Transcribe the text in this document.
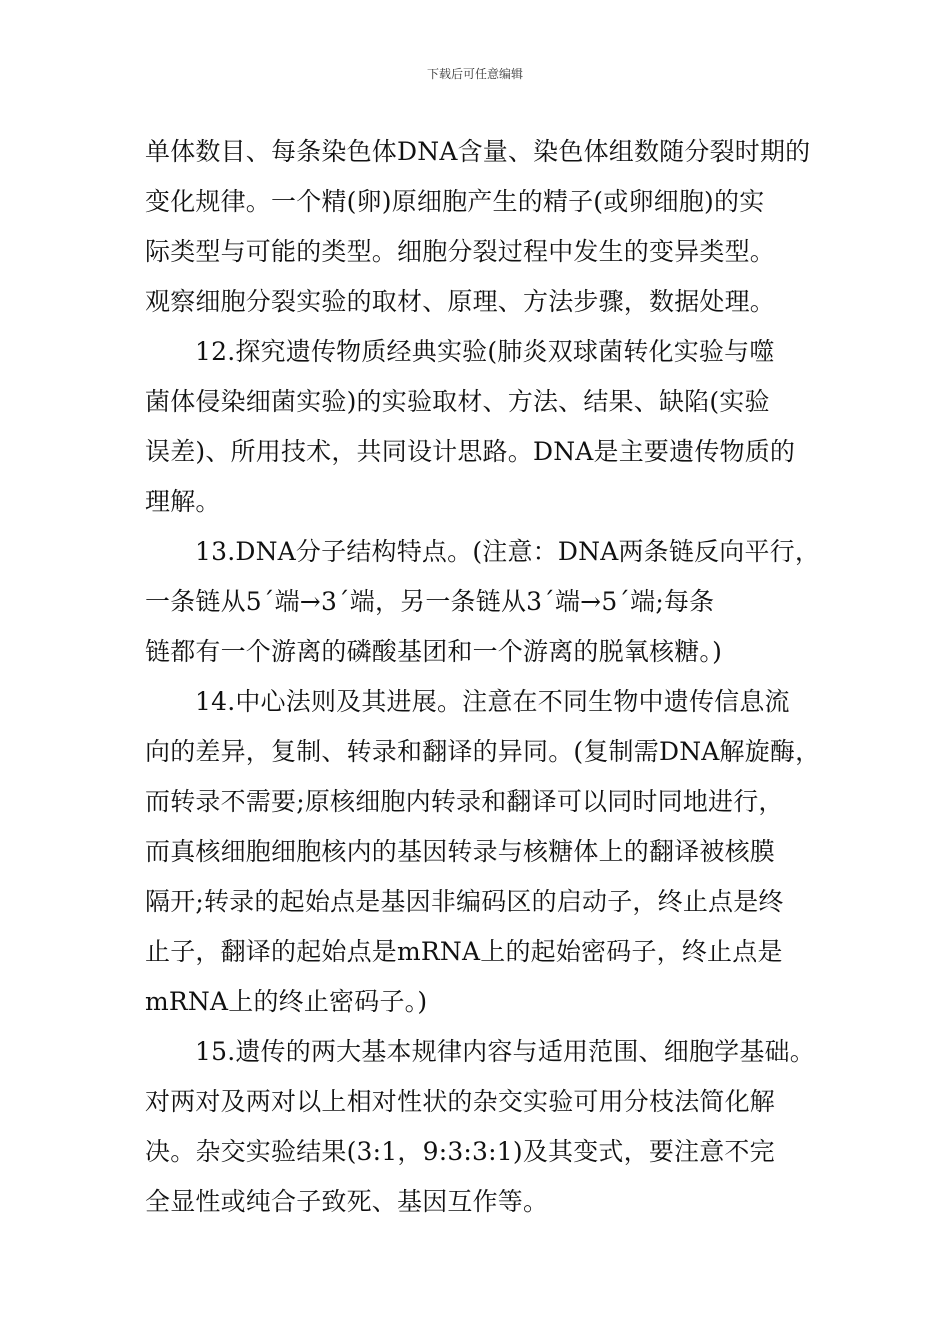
下载后可任意编辑
单体数目、每条染色体DNA含量、染色体组数随分裂时期的
变化规律。一个精(卵)原细胞产生的精子(或卵细胞)的实
际类型与可能的类型。细胞分裂过程中发生的变异类型。
观察细胞分裂实验的取材、原理、方法步骤，数据处理。
12.探究遗传物质经典实验(肺炎双球菌转化实验与噬
菌体侵染细菌实验)的实验取材、方法、结果、缺陷(实验
误差)、所用技术，共同设计思路。DNA是主要遗传物质的
理解。
13.DNA分子结构特点。(注意：DNA两条链反向平行，
一条链从5ˊ端→3ˊ端，另一条链从3ˊ端→5ˊ端;每条
链都有一个游离的磷酸基团和一个游离的脱氧核糖。)
14.中心法则及其进展。注意在不同生物中遗传信息流
向的差异，复制、转录和翻译的异同。(复制需DNA解旋酶，
而转录不需要;原核细胞内转录和翻译可以同时同地进行，
而真核细胞细胞核内的基因转录与核糖体上的翻译被核膜
隔开;转录的起始点是基因非编码区的启动子，终止点是终
止子，翻译的起始点是mRNA上的起始密码子，终止点是
mRNA上的终止密码子。)
15.遗传的两大基本规律内容与适用范围、细胞学基础。
对两对及两对以上相对性状的杂交实验可用分枝法简化解
决。杂交实验结果(3:1，9:3:3:1)及其变式，要注意不完
全显性或纯合子致死、基因互作等。
